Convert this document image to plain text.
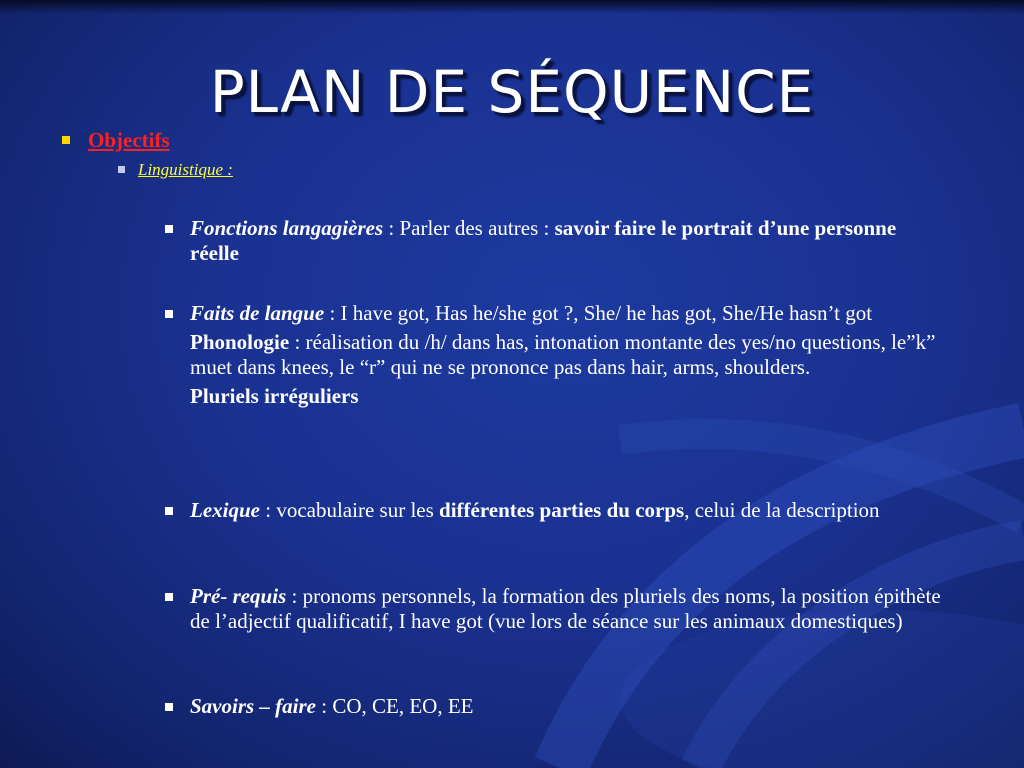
PLAN DE SÉQUENCE
Objectifs
Linguistique :

Fonctions langagières : Parler des autres : savoir faire le portrait d’une personne réelle

Faits de langue : I have got, Has he/she got ?, She/ he has got, She/He hasn’t got

Phonologie : réalisation du /h/ dans has, intonation montante des yes/no questions, le”k” muet dans knees, le “r” qui ne se prononce pas dans hair, arms, shoulders.

Pluriels irréguliers

Lexique : vocabulaire sur les différentes parties du corps, celui de la description

Pré- requis : pronoms personnels, la formation des pluriels des noms, la position épithète de l’adjectif qualificatif, I have got (vue lors de séance sur les animaux domestiques)

Savoirs – faire : CO, CE, EO, EE
